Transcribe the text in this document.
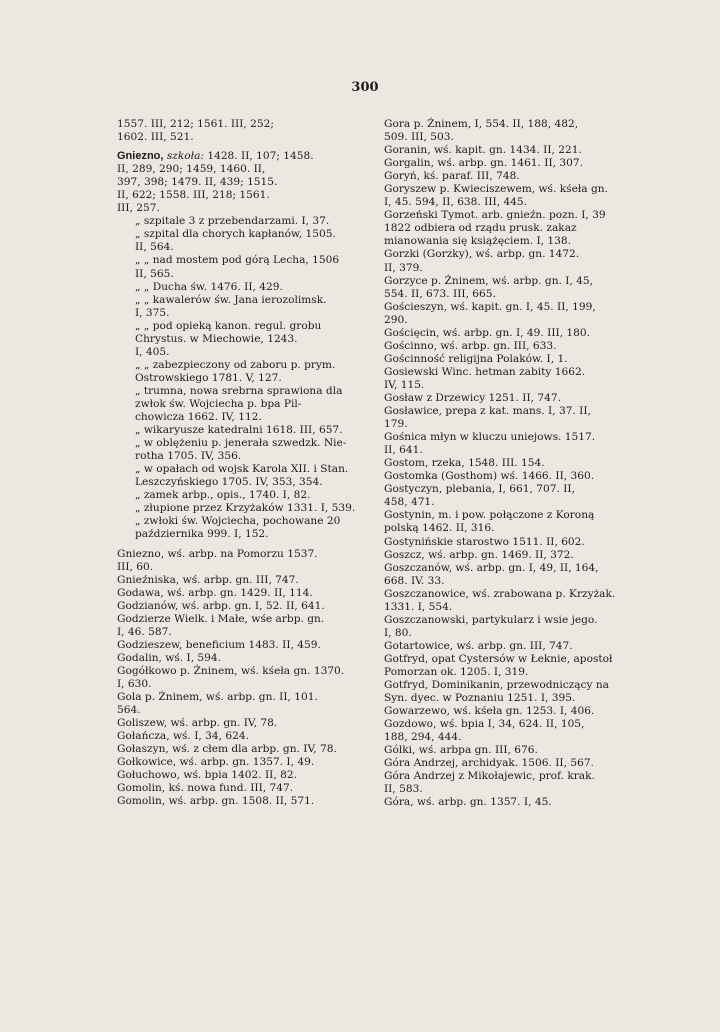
300
1557. III, 212; 1561. III, 252;
1602. III, 521.
Gniezno, szkoła: 1428. II, 107; 1458.
II, 289, 290; 1459, 1460. II,
397, 398; 1479. II, 439; 1515.
II, 622; 1558. III, 218; 1561.
III, 257.
„ szpitale 3 z przebendarzami. I, 37.
„ szpital dla chorych kapłanów, 1505.
II, 564.
„ „ nad mostem pod górą Lecha, 1506
II, 565.
„ „ Ducha św. 1476. II, 429.
„ „ kawalerów św. Jana ierozolimsk.
I, 375.
„ „ pod opieką kanon. regul. grobu
Chrystus. w Miechowie, 1243.
I, 405.
„ „ zabezpieczony od zaboru p. prym.
Ostrowskiego 1781. V, 127.
„ trumna, nowa srebrna sprawiona dla
zwłok św. Wojciecha p. bpa Pil-
chowicza 1662. IV, 112.
„ wikaryusze katedralni 1618. III, 657.
„ w oblężeniu p. jenerała szwedzk. Nie-
rotha 1705. IV, 356.
„ w opałach od wojsk Karola XII. i Stan.
Leszczyńskiego 1705. IV, 353, 354.
„ zamek arbp., opis., 1740. I, 82.
„ złupione przez Krzyżaków 1331. I, 539.
„ zwłoki św. Wojciecha, pochowane 20
października 999. I, 152.
Gniezno, wś. arbp. na Pomorzu 1537.
III, 60.
Gnieźniska, wś. arbp. gn. III, 747.
Godawa, wś. arbp. gn. 1429. II, 114.
Godzianów, wś. arbp. gn. I, 52. II, 641.
Godzierze Wielk. i Małe, wśe arbp. gn.
I, 46. 587.
Godzieszew, beneficium 1483. II, 459.
Godalin, wś. I, 594.
Gogółkowo p. Żninem, wś. kśeła gn. 1370.
I, 630.
Gola p. Żninem, wś. arbp. gn. II, 101.
564.
Goliszew, wś. arbp. gn. IV, 78.
Gołańcza, wś. I, 34, 624.
Gołaszyn, wś. z cłem dla arbp. gn. IV, 78.
Gołkowice, wś. arbp. gn. 1357. I, 49.
Gołuchowo, wś. bpia 1402. II, 82.
Gomolin, kś. nowa fund. III, 747.
Gomolin, wś. arbp. gn. 1508. II, 571.
Gora p. Żninem, I, 554. II, 188, 482,
509. III, 503.
Goranin, wś. kapit. gn. 1434. II, 221.
Gorgalin, wś. arbp. gn. 1461. II, 307.
Goryń, kś. paraf. III, 748.
Goryszew p. Kwieciszewem, wś. kśeła gn.
I, 45. 594, II, 638. III, 445.
Gorzeński Tymot. arb. gnieźn. pozn. I, 39
1822 odbiera od rządu prusk. zakaz
mianowania się książęciem. I, 138.
Gorzki (Gorzky), wś. arbp. gn. 1472.
II, 379.
Gorzyce p. Żninem, wś. arbp. gn. I, 45,
554. II, 673. III, 665.
Gościeszyn, wś. kapit. gn. I, 45. II, 199,
290.
Gościęcin, wś. arbp. gn. I, 49. III, 180.
Gościnno, wś. arbp. gn. III, 633.
Gościnność religijna Polaków. I, 1.
Gosiewski Winc. hetman zabity 1662.
IV, 115.
Gosław z Drzewicy 1251. II, 747.
Gosławice, prepa z kat. mans. I, 37. II,
179.
Gośnica młyn w kluczu uniejows. 1517.
II, 641.
Gostom, rzeka, 1548. III. 154.
Gostomka (Gosthom) wś. 1466. II, 360.
Gostyczyn, plebania, I, 661, 707. II,
458, 471.
Gostynin, m. i pow. połączone z Koroną
polską 1462. II, 316.
Gostynińskie starostwo 1511. II, 602.
Goszcz, wś. arbp. gn. 1469. II, 372.
Goszczanów, wś. arbp. gn. I, 49, II, 164,
668. IV. 33.
Goszczanowice, wś. zrabowana p. Krzyżak.
1331. I, 554.
Goszczanowski, partykularz i wsie jego.
I, 80.
Gotartowice, wś. arbp. gn. III, 747.
Gotfryd, opat Cystersów w Łeknie, apostoł
Pomorzan ok. 1205. I, 319.
Gotfryd, Dominikanin, przewodniczący na
Syn. dyec. w Poznaniu 1251. I, 395.
Gowarzewo, wś. kśeła gn. 1253. I, 406.
Gozdowo, wś. bpia I, 34, 624. II, 105,
188, 294, 444.
Gólki, wś. arbpa gn. III, 676.
Góra Andrzej, archidyak. 1506. II, 567.
Góra Andrzej z Mikołajewic, prof. krak.
II, 583.
Góra, wś. arbp. gn. 1357. I, 45.
